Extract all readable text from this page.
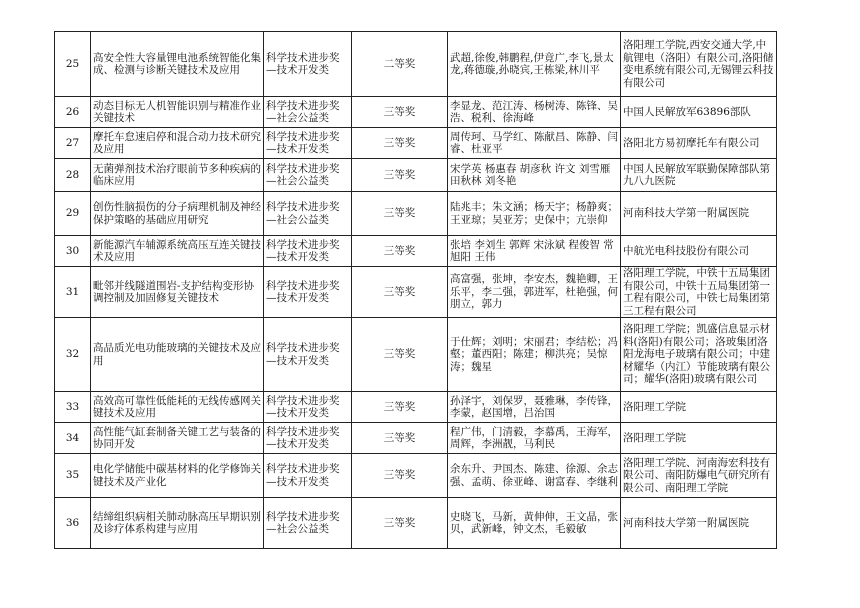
25	高安全性大容量锂电池系统智能化集成、检测与诊断关键技术及应用	科学技术进步奖—技术开发类	二等奖	武超,徐俊,韩鹏程,伊竟广,李飞,景太龙,蒋德璇,孙晓宾,王栋梁,林川平	洛阳理工学院,西安交通大学,中航锂电（洛阳）有限公司,洛阳储变电系统有限公司,无锡锂云科技有限公司
26	动态目标无人机智能识别与精准作业关键技术	科学技术进步奖—社会公益类	三等奖	李显龙、范江涛、杨树涛、陈锋、吴浩、税利、徐海峰	中国人民解放军63896部队
27	摩托车怠速启停和混合动力技术研究及应用	科学技术进步奖—技术开发类	三等奖	周传珂、马学红、陈献昌、陈静、闫睿、杜亚平	洛阳北方易初摩托车有限公司
28	无菌弹剂技术治疗眼前节多种疾病的临床应用	科学技术进步奖—社会公益类	三等奖	宋学英 杨惠春 胡彦秋 许文 刘雪雁 田秋林 刘冬艳	中国人民解放军联勤保障部队第九八九医院
29	创伤性脑损伤的分子病理机制及神经保护策略的基础应用研究	科学技术进步奖—社会公益类	三等奖	陆兆丰；朱文涵；杨天宇；杨静爽；王亚琼；吴亚芳；史保中；亢崇仰	河南科技大学第一附属医院
30	新能源汽车辅源系统高压互连关键技术及应用	科学技术进步奖—技术开发类	三等奖	张培 李刘生 郭辉 宋泳斌 程俊智 常旭阳 王伟	中航光电科技股份有限公司
31	毗邻并线隧道围岩-支护结构变形协调控制及加固修复关键技术	科学技术进步奖—技术开发类	三等奖	高富强，张坤，李安杰，魏艳卿，王乐平，李二强，郭进军，杜艳强，何朋立，郭力	洛阳理工学院，中铁十五局集团有限公司，中铁十五局集团第一工程有限公司，中铁七局集团第三工程有限公司
32	高品质光电功能玻璃的关键技术及应用	科学技术进步奖—技术开发类	三等奖	于仕辉；刘明；宋丽君；李结松；冯壑；董西阳；陈建；柳洪亮；吴惊涛；魏星	洛阳理工学院；凯盛信息显示材料(洛阳)有限公司；洛玻集团洛阳龙海电子玻璃有限公司；中建材耀华（内江）节能玻璃有限公司；耀华(洛阳)玻璃有限公司
33	高效高可靠性低能耗的无线传感网关键技术及应用	科学技术进步奖—技术开发类	三等奖	孙泽宇，刘保罗，聂雅琳，李传锋，李蒙，赵国增，吕治国	洛阳理工学院
34	高性能气缸套制备关键工艺与装备的协同开发	科学技术进步奖—技术开发类	三等奖	程广伟，门清毅，李慕禹，王海军，周辉，李洲靓，马利民	洛阳理工学院
35	电化学储能中碳基材料的化学修饰关键技术及产业化	科学技术进步奖—技术开发类	三等奖	余东升、尹国杰、陈建、徐源、余志强、孟萌、徐亚峰、谢富春、李继利	洛阳理工学院、河南海宏科技有限公司、南阳防爆电气研究所有限公司、南阳理工学院
36	结缔组织病相关肺动脉高压早期识别及诊疗体系构建与应用	科学技术进步奖—社会公益类	三等奖	史晓飞，马新，黄伸伸，王文晶，张贝，武新峰，钟文杰，毛毅敏	河南科技大学第一附属医院
